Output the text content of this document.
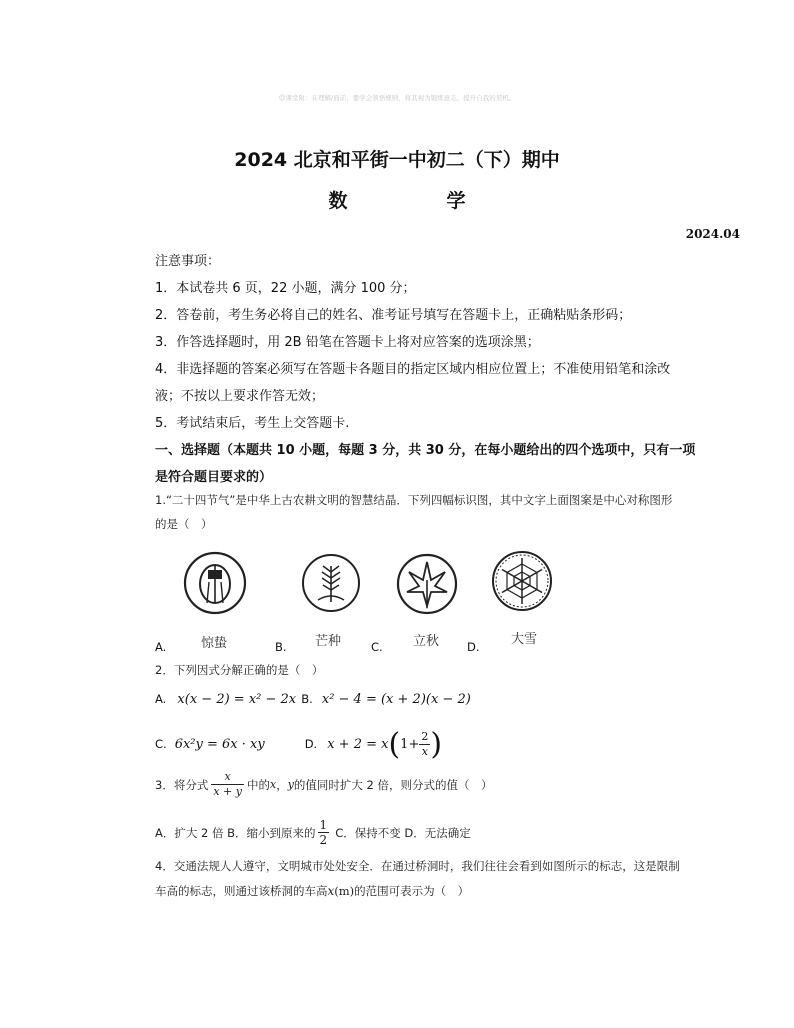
☺课堂附：在理解/面前，要学会领悟规则，将其视为锻炼意志，提升自我的契机。
2024 北京和平街一中初二（下）期中
数　学
2024.04
注意事项：
1．本试卷共 6 页，22 小题，满分 100 分；
2．答卷前，考生务必将自己的姓名、准考证号填写在答题卡上，正确粘贴条形码；
3．作答选择题时，用 2B 铅笔在答题卡上将对应答案的选项涂黑；
4．非选择题的答案必须写在答题卡各题目的指定区域内相应位置上；不准使用铅笔和涂改
液；不按以上要求作答无效；
5．考试结束后，考生上交答题卡.
一、选择题（本题共 10 小题，每题 3 分，共 30 分，在每小题给出的四个选项中，只有一项
是符合题目要求的）
1.“二十四节气”是中华上古农耕文明的智慧结晶．下列四幅标识图，其中文字上面图案是中心对称图形
的是（　）
A.	惊蛰	B. 芒种	C. 立秋 D. 大雪
2．下列因式分解正确的是（　）
A. x(x − 2) = x² − 2x B. x² − 4 = (x + 2)(x − 2)
C. 6x²y = 6x · xy	D. x + 2 = x ( $1+ \frac{2}{x}$ )
3．将分式 $\frac{x}{x + y}$ 中的 x ， y 的值同时扩大 2 倍，则分式的值（　）
A．扩大 2 倍 B．缩小到原来的 $\frac{1}{2}$ C．保持不变 D．无法确定
4．交通法规人人遵守，文明城市处处安全．在通过桥洞时，我们往往会看到如图所示的标志，这是限制
车高的标志，则通过该桥洞的车高x(m)的范围可表示为（　）
